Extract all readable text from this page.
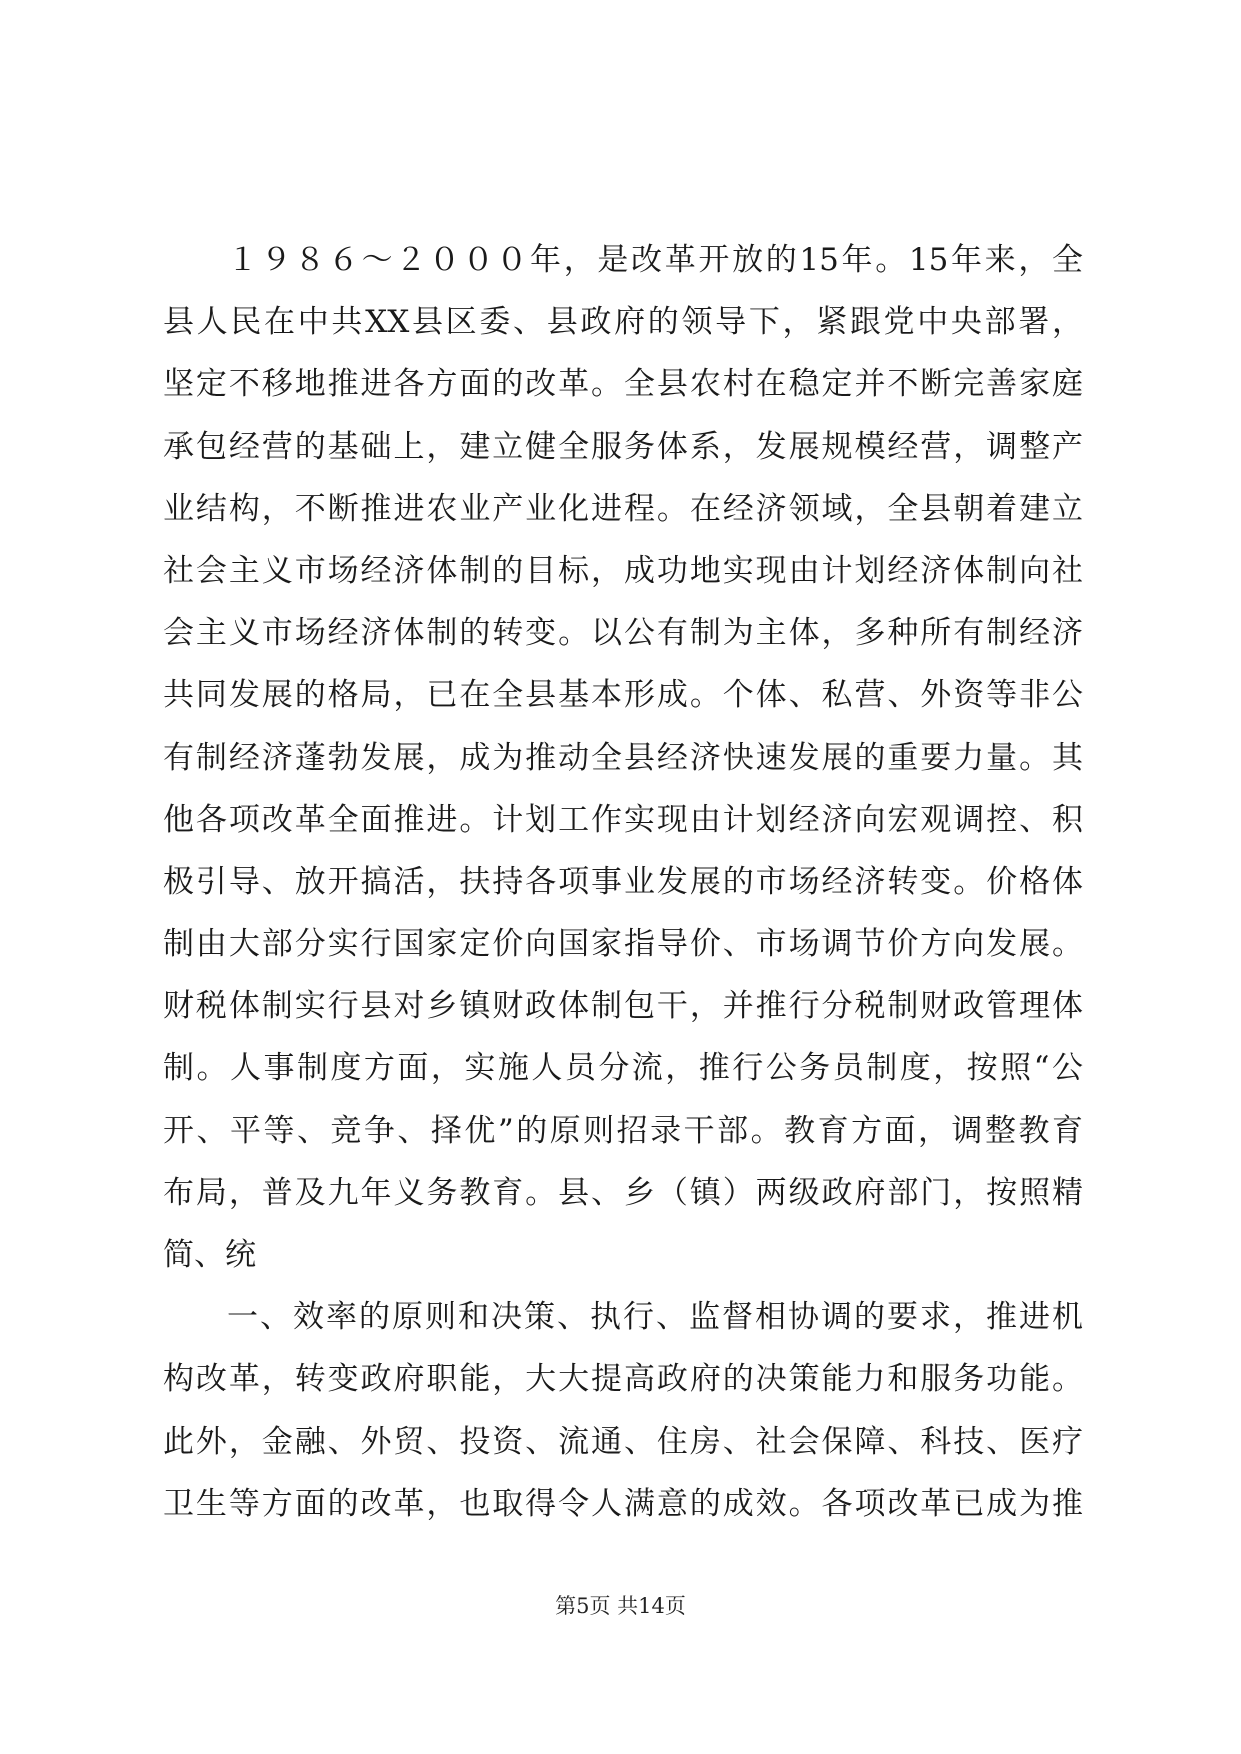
１９８６～２０００年，是改革开放的15年。15年来，全
县人民在中共XX县区委、县政府的领导下，紧跟党中央部署，
坚定不移地推进各方面的改革。全县农村在稳定并不断完善家庭
承包经营的基础上，建立健全服务体系，发展规模经营，调整产
业结构，不断推进农业产业化进程。在经济领域，全县朝着建立
社会主义市场经济体制的目标，成功地实现由计划经济体制向社
会主义市场经济体制的转变。以公有制为主体，多种所有制经济
共同发展的格局，已在全县基本形成。个体、私营、外资等非公
有制经济蓬勃发展，成为推动全县经济快速发展的重要力量。其
他各项改革全面推进。计划工作实现由计划经济向宏观调控、积
极引导、放开搞活，扶持各项事业发展的市场经济转变。价格体
制由大部分实行国家定价向国家指导价、市场调节价方向发展。
财税体制实行县对乡镇财政体制包干，并推行分税制财政管理体
制。人事制度方面，实施人员分流，推行公务员制度，按照“公
开、平等、竞争、择优”的原则招录干部。教育方面，调整教育
布局，普及九年义务教育。县、乡（镇）两级政府部门，按照精
简、统
一、效率的原则和决策、执行、监督相协调的要求，推进机
构改革，转变政府职能，大大提高政府的决策能力和服务功能。
此外，金融、外贸、投资、流通、住房、社会保障、科技、医疗
卫生等方面的改革，也取得令人满意的成效。各项改革已成为推
第5页 共14页
